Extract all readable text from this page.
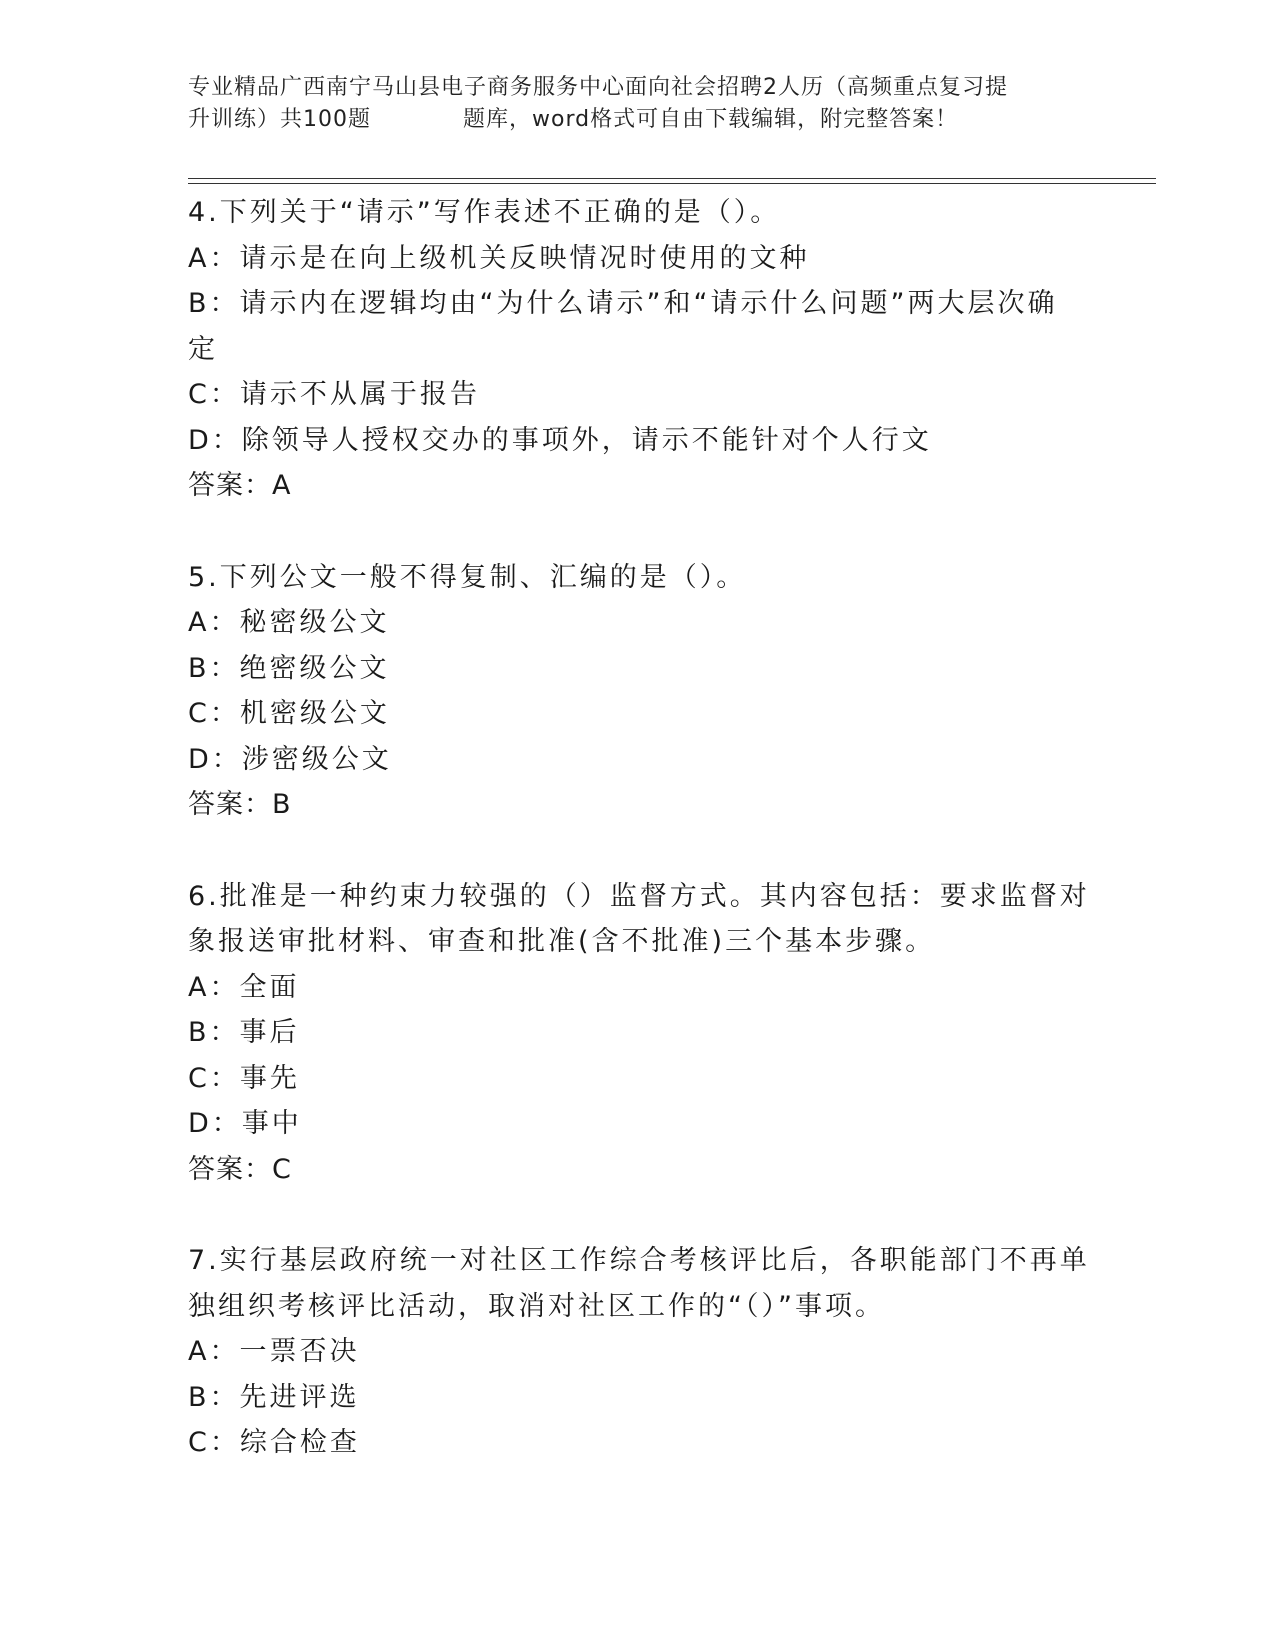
专业精品广西南宁马山县电子商务服务中心面向社会招聘2人历（高频重点复习提
升训练）共100题　　　　题库，word格式可自由下载编辑，附完整答案！
4.下列关于“请示”写作表述不正确的是（）。
A：请示是在向上级机关反映情况时使用的文种
B：请示内在逻辑均由“为什么请示”和“请示什么问题”两大层次确
定
C：请示不从属于报告
D：除领导人授权交办的事项外，请示不能针对个人行文
答案：A
5.下列公文一般不得复制、汇编的是（）。
A：秘密级公文
B：绝密级公文
C：机密级公文
D：涉密级公文
答案：B
6.批准是一种约束力较强的（）监督方式。其内容包括：要求监督对
象报送审批材料、审查和批准(含不批准)三个基本步骤。
A：全面
B：事后
C：事先
D：事中
答案：C
7.实行基层政府统一对社区工作综合考核评比后，各职能部门不再单
独组织考核评比活动，取消对社区工作的“（）”事项。
A：一票否决
B：先进评选
C：综合检查
